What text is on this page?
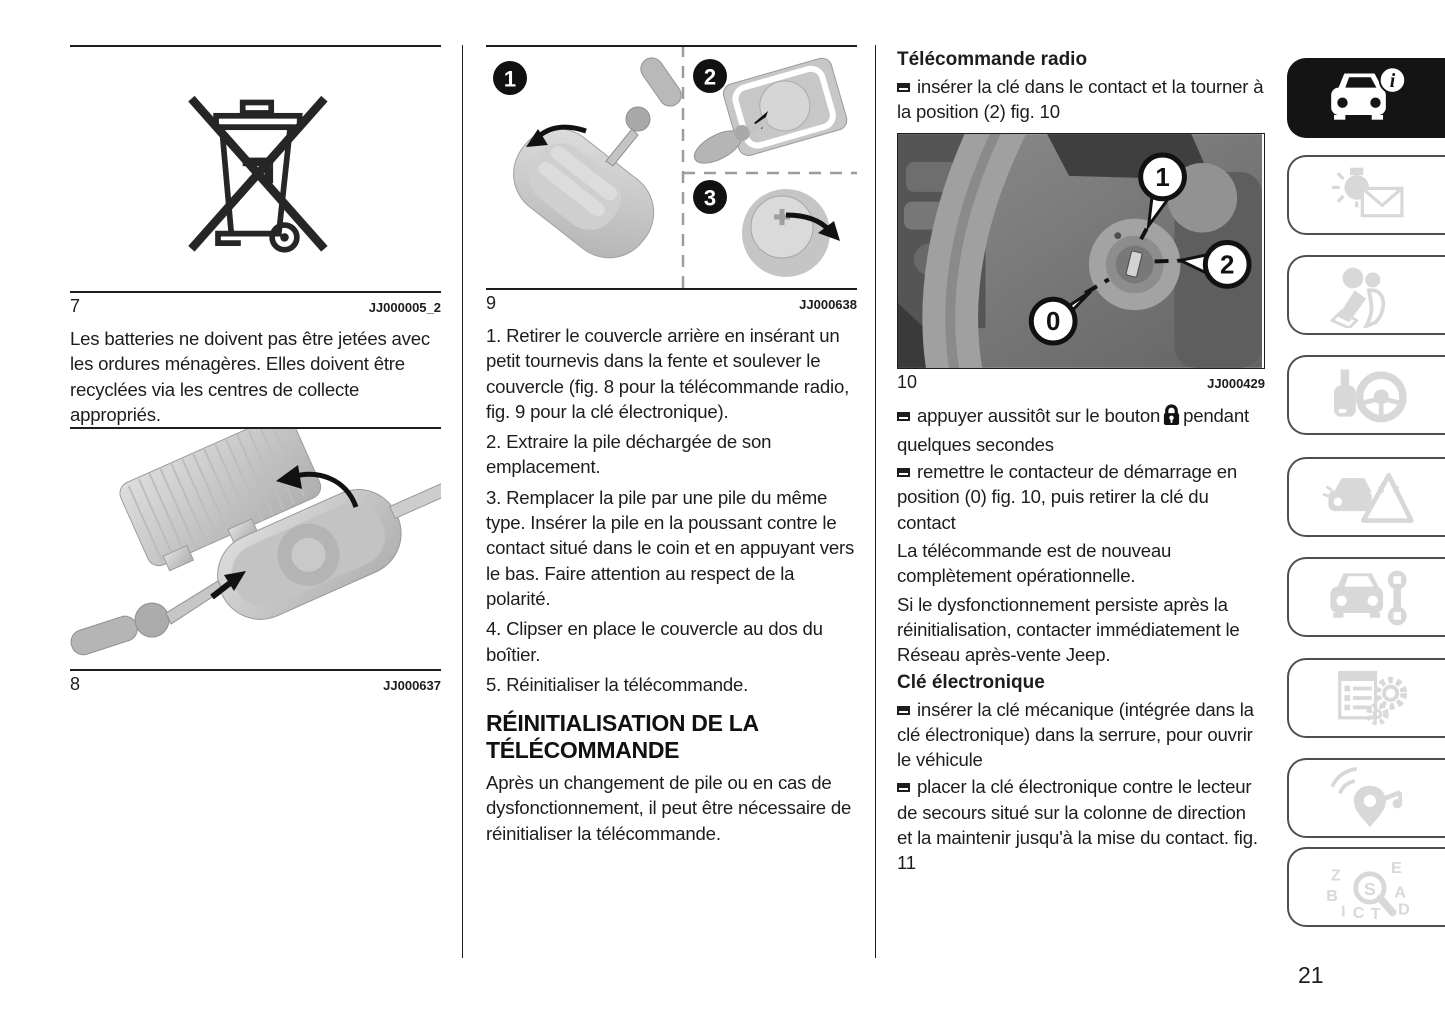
7	JJ000005_2

Les batteries ne doivent pas être jetées avec les ordures ménagères. Elles doivent être recyclées via les centres de collecte appropriés.

8	JJ000637
1	2
3
9	JJ000638

1. Retirer le couvercle arrière en insérant un petit tournevis dans la fente et soulever le couvercle (fig. 8 pour la télécommande radio, fig. 9 pour la clé électronique).

2. Extraire la pile déchargée de son emplacement.

3. Remplacer la pile par une pile du même type. Insérer la pile en la poussant contre le contact situé dans le coin et en appuyant vers le bas. Faire attention au respect de la polarité.

4. Clipser en place le couvercle au dos du boîtier.

5. Réinitialiser la télécommande.

RÉINITIALISATION DE LA TÉLÉCOMMANDE

Après un changement de pile ou en cas de dysfonctionnement, il peut être nécessaire de réinitialiser la télécommande.

Télécommande radio

insérer la clé dans le contact et la tourner à la position (2) fig. 10

1
2
0
10	JJ000429

appuyer aussitôt sur le bouton pendant quelques secondes

remettre le contacteur de démarrage en position (0) fig. 10, puis retirer la clé du contact

La télécommande est de nouveau complètement opérationnelle.

Si le dysfonctionnement persiste après la réinitialisation, contacter immédiatement le Réseau après-vente Jeep.

Clé électronique

insérer la clé mécanique (intégrée dans la clé électronique) dans la serrure, pour ouvrir le véhicule

placer la clé électronique contre le lecteur de secours situé sur la colonne de direction et la maintenir jusqu'à la mise du contact. fig. 11

i
Z	E
B	A
I C T D
S
21
